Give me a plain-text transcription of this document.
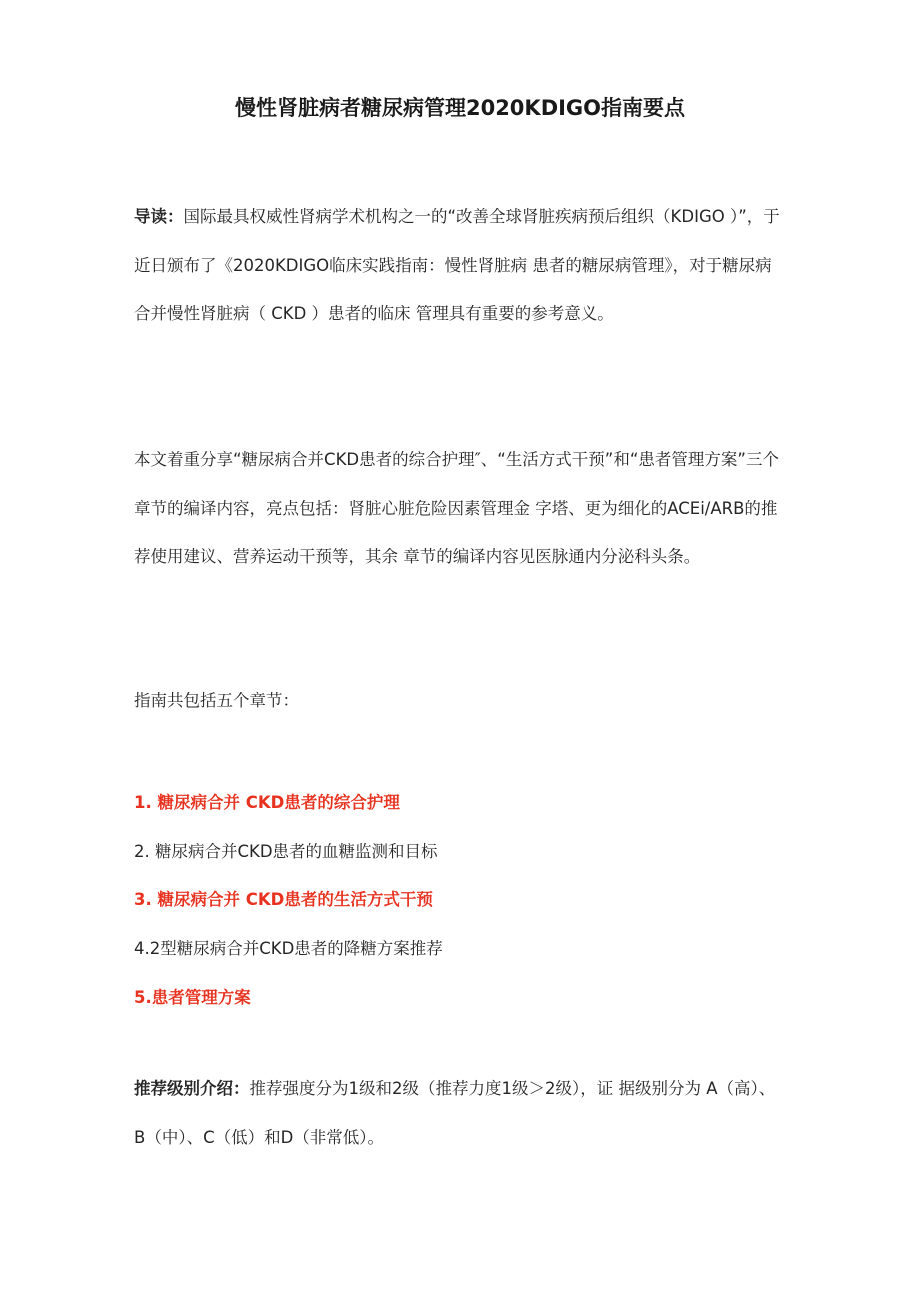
慢性肾脏病者糖尿病管理2020KDIGO指南要点

导读：国际最具权威性肾病学术机构之一的“改善全球肾脏疾病预后组织（KDIGO ）”，于近日颁布了《2020KDIGO临床实践指南：慢性肾脏病 患者的糖尿病管理》，对于糖尿病合并慢性肾脏病（ CKD ）患者的临床 管理具有重要的参考意义。

本文着重分享“糖尿病合并CKD患者的综合护理″、“生活方式干预”和“患者管理方案”三个章节的编译内容，亮点包括：肾脏心脏危险因素管理金 字塔、更为细化的ACEi/ARB的推荐使用建议、营养运动干预等，其余 章节的编译内容见医脉通内分泌科头条。

指南共包括五个章节：

1. 糖尿病合并 CKD患者的综合护理

2. 糖尿病合并CKD患者的血糖监测和目标

3. 糖尿病合并 CKD患者的生活方式干预

4.2型糖尿病合并CKD患者的降糖方案推荐

5.患者管理方案

推荐级别介绍：推荐强度分为1级和2级（推荐力度1级＞2级），证 据级别分为 A（高）、B（中）、C（低）和D（非常低）。
